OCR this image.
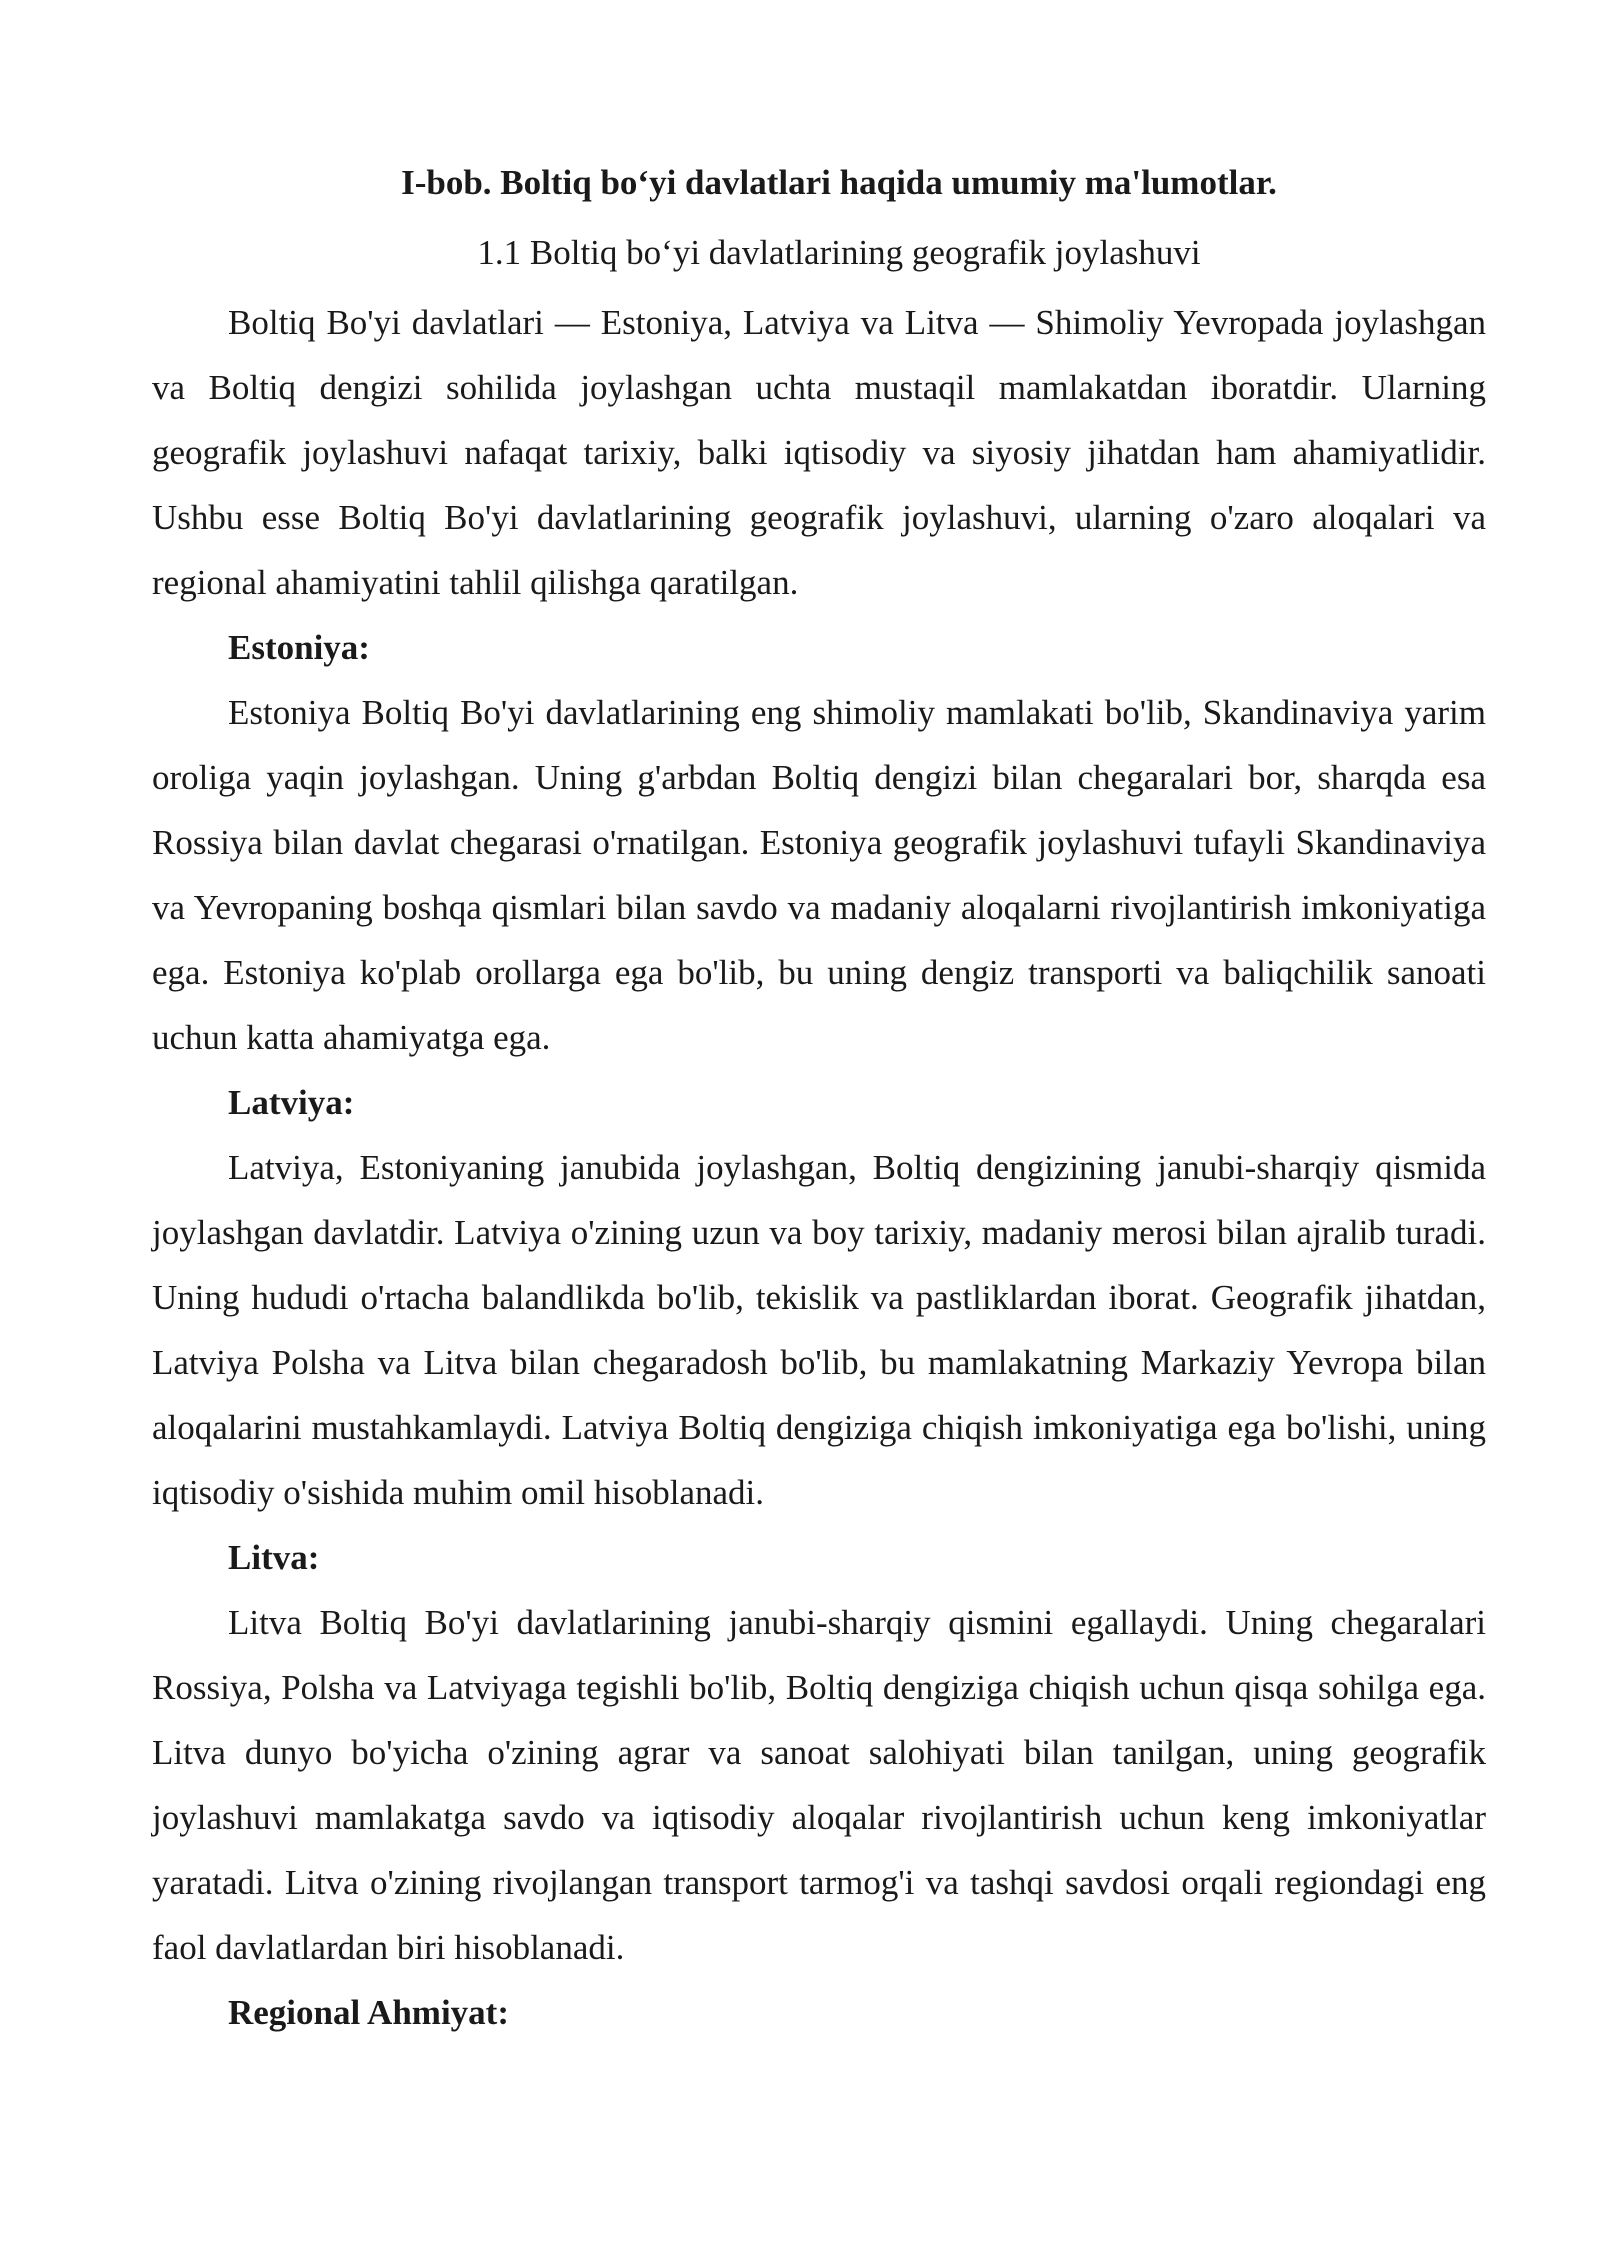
I-bob. Boltiq bo‘yi davlatlari haqida umumiy ma'lumotlar.
1.1 Boltiq bo‘yi davlatlarining geografik joylashuvi

Boltiq Bo'yi davlatlari — Estoniya, Latviya va Litva — Shimoliy Yevropada joylashgan va Boltiq dengizi sohilida joylashgan uchta mustaqil mamlakatdan iboratdir. Ularning geografik joylashuvi nafaqat tarixiy, balki iqtisodiy va siyosiy jihatdan ham ahamiyatlidir. Ushbu esse Boltiq Bo'yi davlatlarining geografik joylashuvi, ularning o'zaro aloqalari va regional ahamiyatini tahlil qilishga qaratilgan.

Estoniya:

Estoniya Boltiq Bo'yi davlatlarining eng shimoliy mamlakati bo'lib, Skandinaviya yarim oroliga yaqin joylashgan. Uning g'arbdan Boltiq dengizi bilan chegaralari bor, sharqda esa Rossiya bilan davlat chegarasi o'rnatilgan. Estoniya geografik joylashuvi tufayli Skandinaviya va Yevropaning boshqa qismlari bilan savdo va madaniy aloqalarni rivojlantirish imkoniyatiga ega. Estoniya ko'plab orollarga ega bo'lib, bu uning dengiz transporti va baliqchilik sanoati uchun katta ahamiyatga ega.

Latviya:

Latviya, Estoniyaning janubida joylashgan, Boltiq dengizining janubi-sharqiy qismida joylashgan davlatdir. Latviya o'zining uzun va boy tarixiy, madaniy merosi bilan ajralib turadi. Uning hududi o'rtacha balandlikda bo'lib, tekislik va pastliklardan iborat. Geografik jihatdan, Latviya Polsha va Litva bilan chegaradosh bo'lib, bu mamlakatning Markaziy Yevropa bilan aloqalarini mustahkamlaydi. Latviya Boltiq dengiziga chiqish imkoniyatiga ega bo'lishi, uning iqtisodiy o'sishida muhim omil hisoblanadi.

Litva:

Litva Boltiq Bo'yi davlatlarining janubi-sharqiy qismini egallaydi. Uning chegaralari Rossiya, Polsha va Latviyaga tegishli bo'lib, Boltiq dengiziga chiqish uchun qisqa sohilga ega. Litva dunyo bo'yicha o'zining agrar va sanoat salohiyati bilan tanilgan, uning geografik joylashuvi mamlakatga savdo va iqtisodiy aloqalar rivojlantirish uchun keng imkoniyatlar yaratadi. Litva o'zining rivojlangan transport tarmog'i va tashqi savdosi orqali regiondagi eng faol davlatlardan biri hisoblanadi.

Regional Ahmiyat:
